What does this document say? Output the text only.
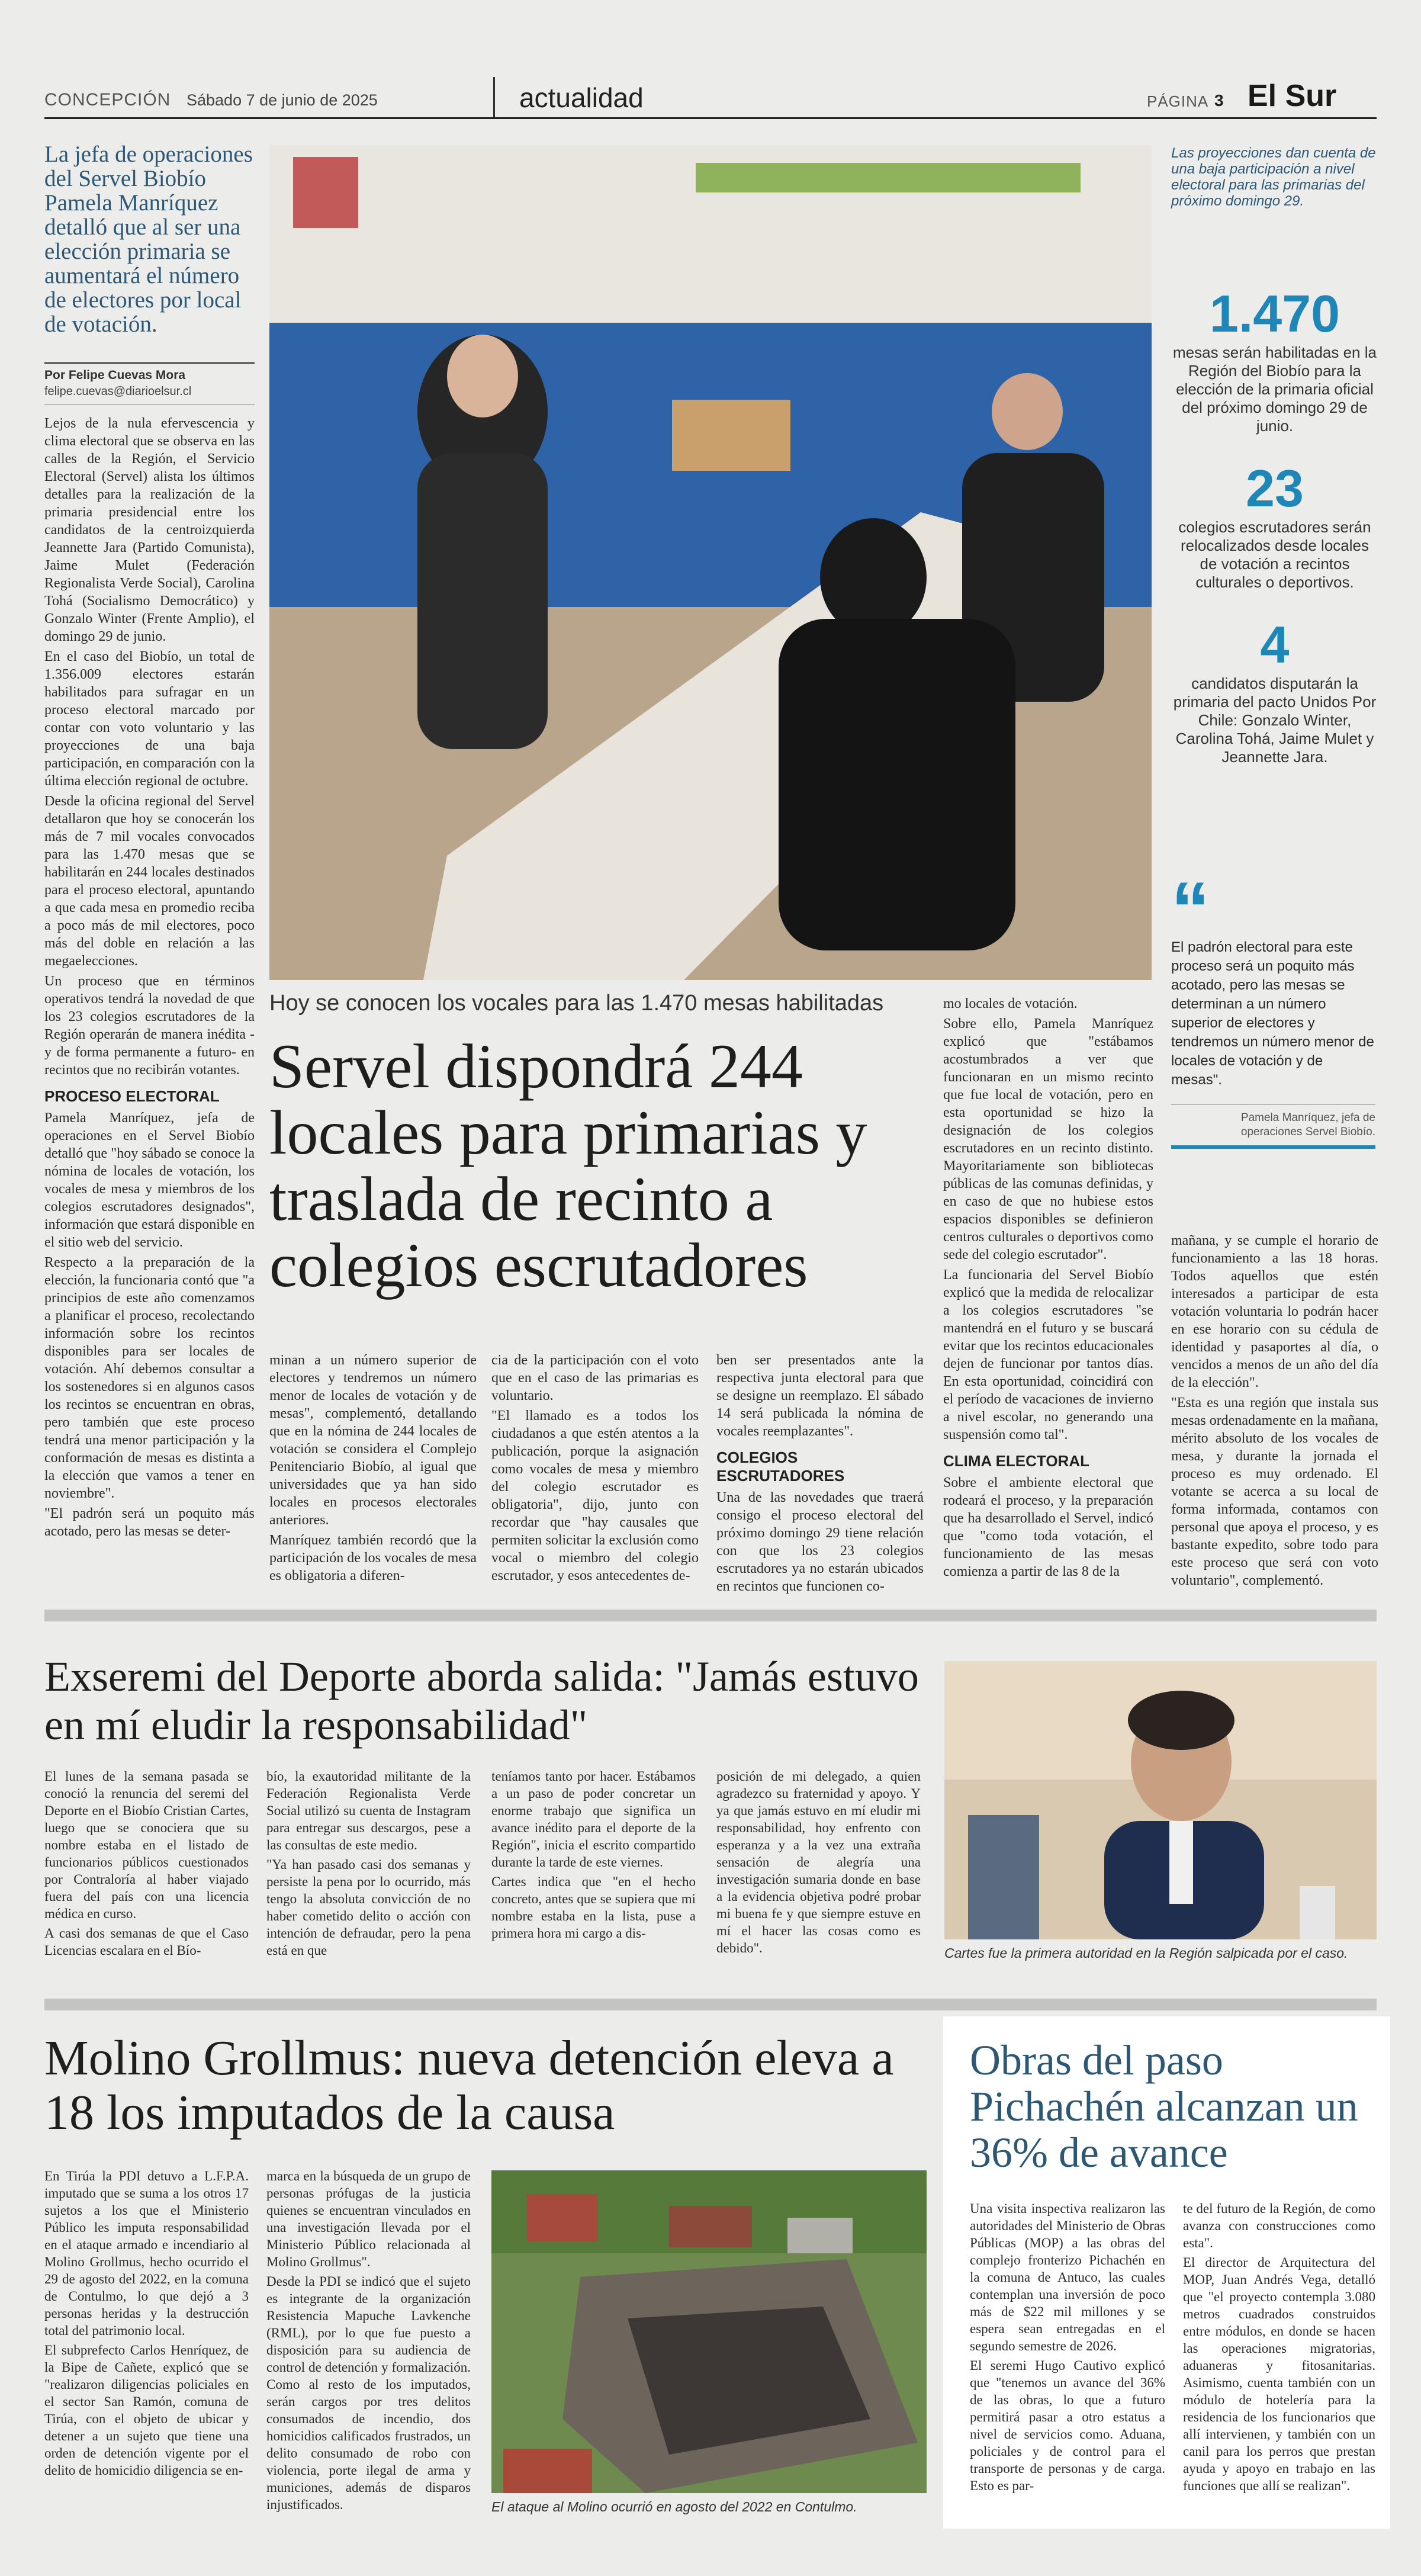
CONCEPCIÓN Sábado 7 de junio de 2025	actualidad	PÁGINA 3 El Sur
La jefa de operaciones del Servel Biobío Pamela Manríquez detalló que al ser una elección primaria se aumentará el número de electores por local de votación.
Por Felipe Cuevas Mora
felipe.cuevas@diarioelsur.cl

Lejos de la nula efervescencia y clima electoral que se observa en las calles de la Región, el Servicio Electoral (Servel) alista los últimos detalles para la realización de la primaria presidencial entre los candidatos de la centroizquierda Jeannette Jara (Partido Comunista), Jaime Mulet (Federación Regionalista Verde Social), Carolina Tohá (Socialismo Democrático) y Gonzalo Winter (Frente Amplio), el domingo 29 de junio.

En el caso del Biobío, un total de 1.356.009 electores estarán habilitados para sufragar en un proceso electoral marcado por contar con voto voluntario y las proyecciones de una baja participación, en comparación con la última elección regional de octubre.

Desde la oficina regional del Servel detallaron que hoy se conocerán los más de 7 mil vocales convocados para las 1.470 mesas que se habilitarán en 244 locales destinados para el proceso electoral, apuntando a que cada mesa en promedio reciba a poco más de mil electores, poco más del doble en relación a las megaelecciones.

Un proceso que en términos operativos tendrá la novedad de que los 23 colegios escrutadores de la Región operarán de manera inédita -y de forma permanente a futuro- en recintos que no recibirán votantes.

PROCESO ELECTORAL

Pamela Manríquez, jefa de operaciones en el Servel Biobío detalló que "hoy sábado se conoce la nómina de locales de votación, los vocales de mesa y miembros de los colegios escrutadores designados", información que estará disponible en el sitio web del servicio.

Respecto a la preparación de la elección, la funcionaria contó que "a principios de este año comenzamos a planificar el proceso, recolectando información sobre los recintos disponibles para ser locales de votación. Ahí debemos consultar a los sostenedores si en algunos casos los recintos se encuentran en obras, pero también que este proceso tendrá una menor participación y la conformación de mesas es distinta a la elección que vamos a tener en noviembre".

"El padrón será un poquito más acotado, pero las mesas se deter-

Las proyecciones dan cuenta de una baja participación a nivel electoral para las primarias del próximo domingo 29.
1.470
mesas serán habilitadas en la Región del Biobío para la elección de la primaria oficial del próximo domingo 29 de junio.
23
colegios escrutadores serán relocalizados desde locales de votación a recintos culturales o deportivos.
4
candidatos disputarán la primaria del pacto Unidos Por Chile: Gonzalo Winter, Carolina Tohá, Jaime Mulet y Jeannette Jara.
“
El padrón electoral para este proceso será un poquito más acotado, pero las mesas se determinan a un número superior de electores y tendremos un número menor de locales de votación y de mesas".
Pamela Manríquez, jefa de operaciones Servel Biobío.
Hoy se conocen los vocales para las 1.470 mesas habilitadas
Servel dispondrá 244 locales para primarias y traslada de recinto a colegios escrutadores

minan a un número superior de electores y tendremos un número menor de locales de votación y de mesas", complementó, detallando que en la nómina de 244 locales de votación se considera el Complejo Penitenciario Biobío, al igual que universidades que ya han sido locales en procesos electorales anteriores.

Manríquez también recordó que la participación de los vocales de mesa es obligatoria a diferen-

cia de la participación con el voto que en el caso de las primarias es voluntario.

"El llamado es a todos los ciudadanos a que estén atentos a la publicación, porque la asignación como vocales de mesa y miembro del colegio escrutador es obligatoria", dijo, junto con recordar que "hay causales que permiten solicitar la exclusión como vocal o miembro del colegio escrutador, y esos antecedentes de-

ben ser presentados ante la respectiva junta electoral para que se designe un reemplazo. El sábado 14 será publicada la nómina de vocales reemplazantes".

COLEGIOS ESCRUTADORES

Una de las novedades que traerá consigo el proceso electoral del próximo domingo 29 tiene relación con que los 23 colegios escrutadores ya no estarán ubicados en recintos que funcionen co-

mo locales de votación.

Sobre ello, Pamela Manríquez explicó que "estábamos acostumbrados a ver que funcionaran en un mismo recinto que fue local de votación, pero en esta oportunidad se hizo la designación de los colegios escrutadores en un recinto distinto. Mayoritariamente son bibliotecas públicas de las comunas definidas, y en caso de que no hubiese estos espacios disponibles se definieron centros culturales o deportivos como sede del colegio escrutador".

La funcionaria del Servel Biobío explicó que la medida de relocalizar a los colegios escrutadores "se mantendrá en el futuro y se buscará evitar que los recintos educacionales dejen de funcionar por tantos días. En esta oportunidad, coincidirá con el período de vacaciones de invierno a nivel escolar, no generando una suspensión como tal".

CLIMA ELECTORAL

Sobre el ambiente electoral que rodeará el proceso, y la preparación que ha desarrollado el Servel, indicó que "como toda votación, el funcionamiento de las mesas comienza a partir de las 8 de la

mañana, y se cumple el horario de funcionamiento a las 18 horas. Todos aquellos que estén interesados a participar de esta votación voluntaria lo podrán hacer en ese horario con su cédula de identidad y pasaportes al día, o vencidos a menos de un año del día de la elección".

"Esta es una región que instala sus mesas ordenadamente en la mañana, mérito absoluto de los vocales de mesa, y durante la jornada el proceso es muy ordenado. El votante se acerca a su local de forma informada, contamos con personal que apoya el proceso, y es bastante expedito, sobre todo para este proceso que será con voto voluntario", complementó.

Exseremi del Deporte aborda salida: "Jamás estuvo en mí eludir la responsabilidad"

El lunes de la semana pasada se conoció la renuncia del seremi del Deporte en el Biobío Cristian Cartes, luego que se conociera que su nombre estaba en el listado de funcionarios públicos cuestionados por Contraloría al haber viajado fuera del país con una licencia médica en curso.

A casi dos semanas de que el Caso Licencias escalara en el Bío-

bío, la exautoridad militante de la Federación Regionalista Verde Social utilizó su cuenta de Instagram para entregar sus descargos, pese a las consultas de este medio.

"Ya han pasado casi dos semanas y persiste la pena por lo ocurrido, más tengo la absoluta convicción de no haber cometido delito o acción con intención de defraudar, pero la pena está en que

teníamos tanto por hacer. Estábamos a un paso de poder concretar un enorme trabajo que significa un avance inédito para el deporte de la Región", inicia el escrito compartido durante la tarde de este viernes.

Cartes indica que "en el hecho concreto, antes que se supiera que mi nombre estaba en la lista, puse a primera hora mi cargo a dis-

posición de mi delegado, a quien agradezco su fraternidad y apoyo. Y ya que jamás estuvo en mí eludir mi responsabilidad, hoy enfrento con esperanza y a la vez una extraña sensación de alegría una investigación sumaria donde en base a la evidencia objetiva podré probar mi buena fe y que siempre estuve en mí el hacer las cosas como es debido".	Cartes fue la primera autoridad en la Región salpicada por el caso.
Molino Grollmus: nueva detención eleva a 18 los imputados de la causa

En Tirúa la PDI detuvo a L.F.P.A. imputado que se suma a los otros 17 sujetos a los que el Ministerio Público les imputa responsabilidad en el ataque armado e incendiario al Molino Grollmus, hecho ocurrido el 29 de agosto del 2022, en la comuna de Contulmo, lo que dejó a 3 personas heridas y la destrucción total del patrimonio local.

El subprefecto Carlos Henríquez, de la Bipe de Cañete, explicó que se "realizaron diligencias policiales en el sector San Ramón, comuna de Tirúa, con el objeto de ubicar y detener a un sujeto que tiene una orden de detención vigente por el delito de homicidio diligencia se en-

marca en la búsqueda de un grupo de personas prófugas de la justicia quienes se encuentran vinculados en una investigación llevada por el Ministerio Público relacionada al Molino Grollmus".

Desde la PDI se indicó que el sujeto es integrante de la organización Resistencia Mapuche Lavkenche (RML), por lo que fue puesto a disposición para su audiencia de control de detención y formalización. Como al resto de los imputados, serán cargos por tres delitos consumados de incendio, dos homicidios calificados frustrados, un delito consumado de robo con violencia, porte ilegal de arma y municiones, además de disparos injustificados.	El ataque al Molino ocurrió en agosto del 2022 en Contulmo.
Obras del paso Pichachén alcanzan un 36% de avance

Una visita inspectiva realizaron las autoridades del Ministerio de Obras Públicas (MOP) a las obras del complejo fronterizo Pichachén en la comuna de Antuco, las cuales contemplan una inversión de poco más de $22 mil millones y se espera sean entregadas en el segundo semestre de 2026.

El seremi Hugo Cautivo explicó que "tenemos un avance del 36% de las obras, lo que a futuro permitirá pasar a otro estatus a nivel de servicios como. Aduana, policiales y de control para el transporte de personas y de carga. Esto es par-

te del futuro de la Región, de como avanza con construcciones como esta".

El director de Arquitectura del MOP, Juan Andrés Vega, detalló que "el proyecto contempla 3.080 metros cuadrados construidos entre módulos, en donde se hacen las operaciones migratorias, aduaneras y fitosanitarias. Asimismo, cuenta también con un módulo de hotelería para la residencia de los funcionarios que allí intervienen, y también con un canil para los perros que prestan ayuda y apoyo en trabajo en las funciones que allí se realizan".
